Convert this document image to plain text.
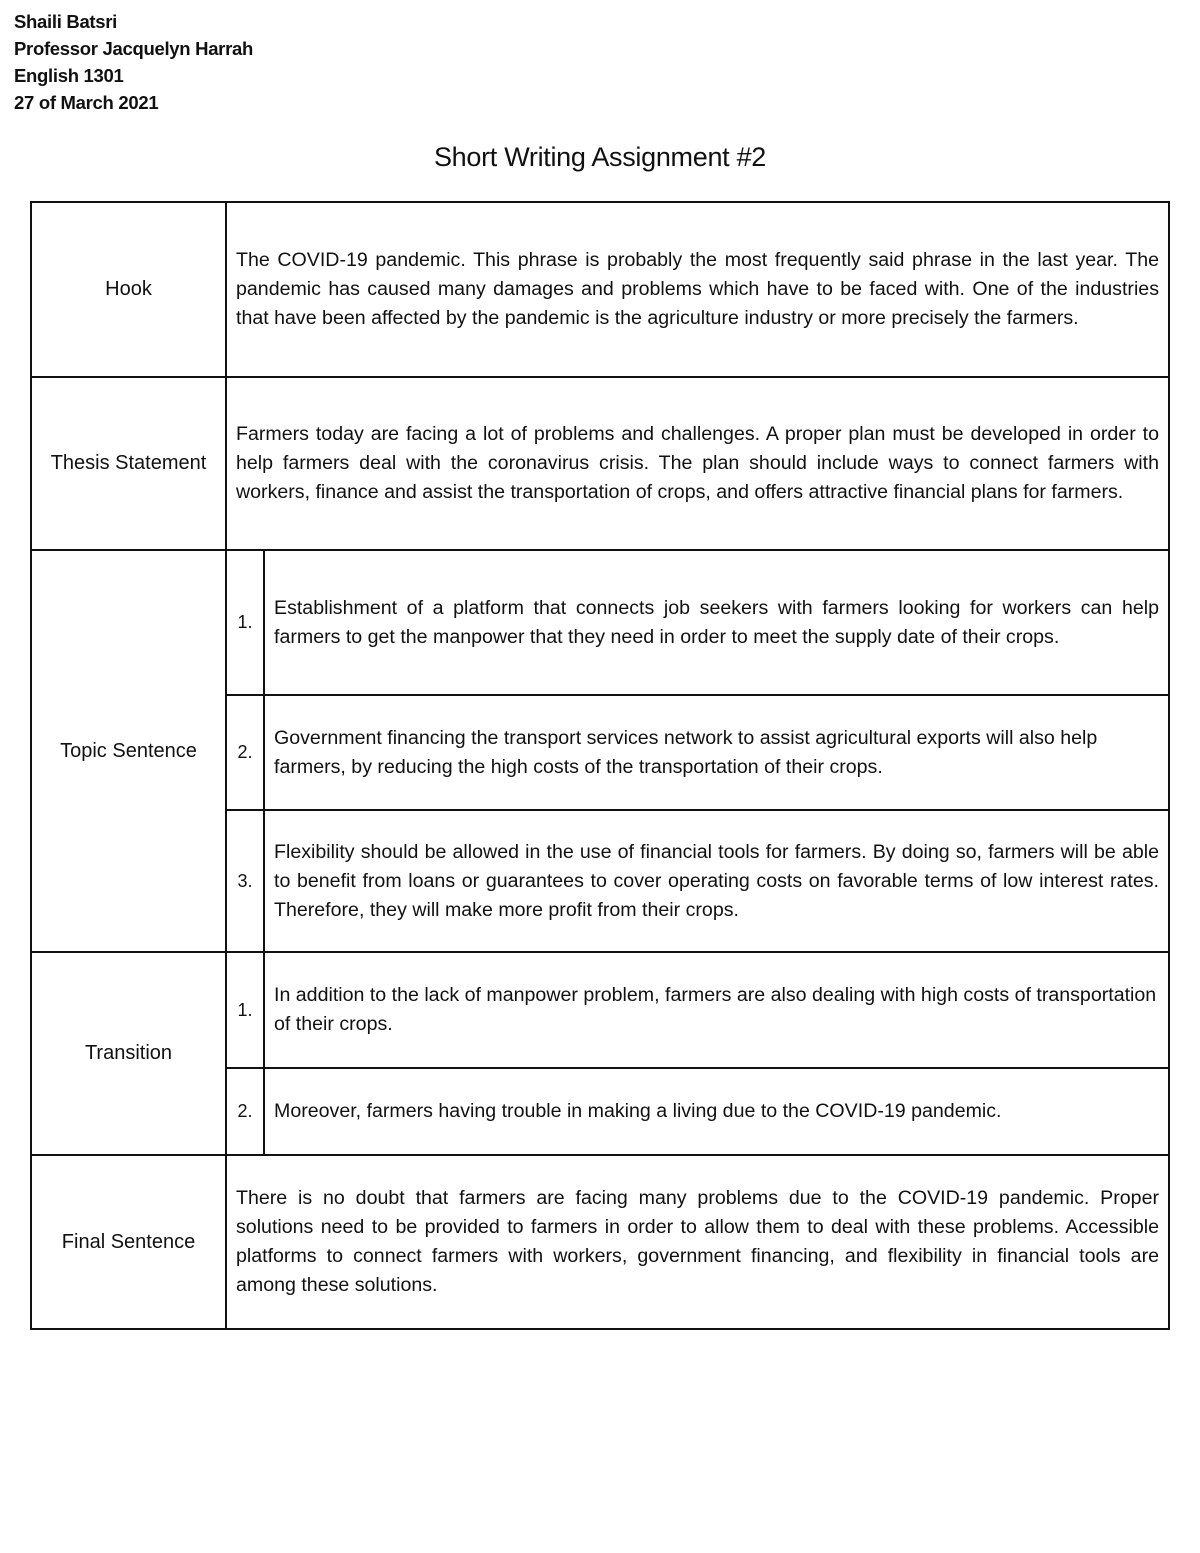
Shaili Batsri
Professor Jacquelyn Harrah
English 1301
27 of March 2021
Short Writing Assignment #2
Hook	The COVID-19 pandemic. This phrase is probably the most frequently said phrase in the last year. The pandemic has caused many damages and problems which have to be faced with. One of the industries that have been affected by the pandemic is the agriculture industry or more precisely the farmers.	
Thesis Statement	Farmers today are facing a lot of problems and challenges. A proper plan must be developed in order to help farmers deal with the coronavirus crisis. The plan should include ways to connect farmers with workers, finance and assist the transportation of crops, and offers attractive financial plans for farmers.	
Topic Sentence	1.	Establishment of a platform that connects job seekers with farmers looking for workers can help farmers to get the manpower that they need in order to meet the supply date of their crops.
	2.	Government financing the transport services network to assist agricultural exports will also help farmers, by reducing the high costs of the transportation of their crops.
	3.	Flexibility should be allowed in the use of financial tools for farmers. By doing so, farmers will be able to benefit from loans or guarantees to cover operating costs on favorable terms of low interest rates. Therefore, they will make more profit from their crops.
Transition	1.	In addition to the lack of manpower problem, farmers are also dealing with high costs of transportation of their crops.
	2.	Moreover, farmers having trouble in making a living due to the COVID-19 pandemic.
Final Sentence	There is no doubt that farmers are facing many problems due to the COVID-19 pandemic. Proper solutions need to be provided to farmers in order to allow them to deal with these problems. Accessible platforms to connect farmers with workers, government financing, and flexibility in financial tools are among these solutions.	
